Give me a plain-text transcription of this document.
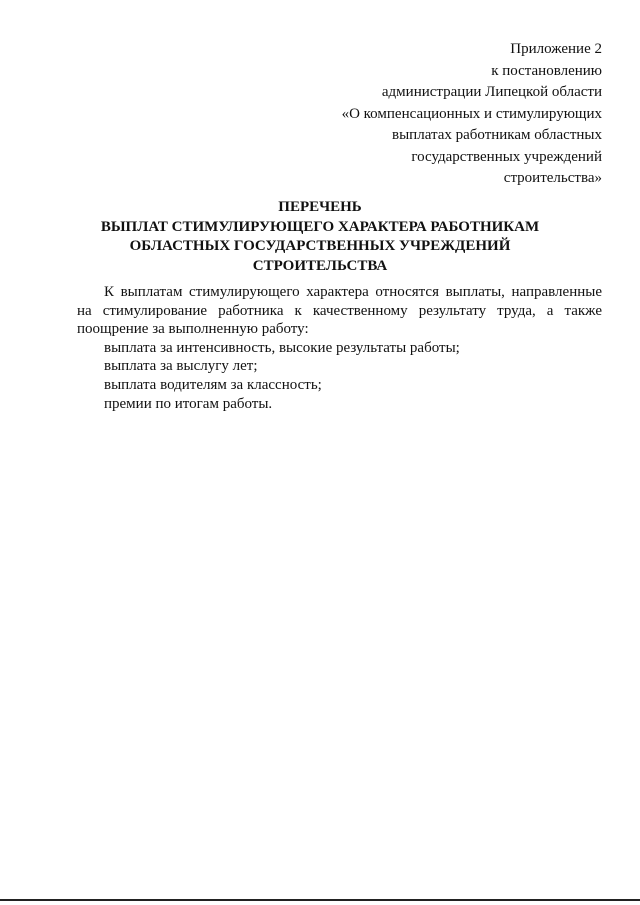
Приложение 2
к постановлению
администрации Липецкой области
«О компенсационных и стимулирующих
выплатах работникам областных
государственных учреждений
строительства»
ПЕРЕЧЕНЬ
ВЫПЛАТ СТИМУЛИРУЮЩЕГО ХАРАКТЕРА РАБОТНИКАМ
ОБЛАСТНЫХ ГОСУДАРСТВЕННЫХ УЧРЕЖДЕНИЙ
СТРОИТЕЛЬСТВА

К выплатам стимулирующего характера относятся выплаты, направленные на стимулирование работника к качественному результату труда, а также поощрение за выполненную работу:

выплата за интенсивность, высокие результаты работы;

выплата за выслугу лет;

выплата водителям за классность;

премии по итогам работы.
